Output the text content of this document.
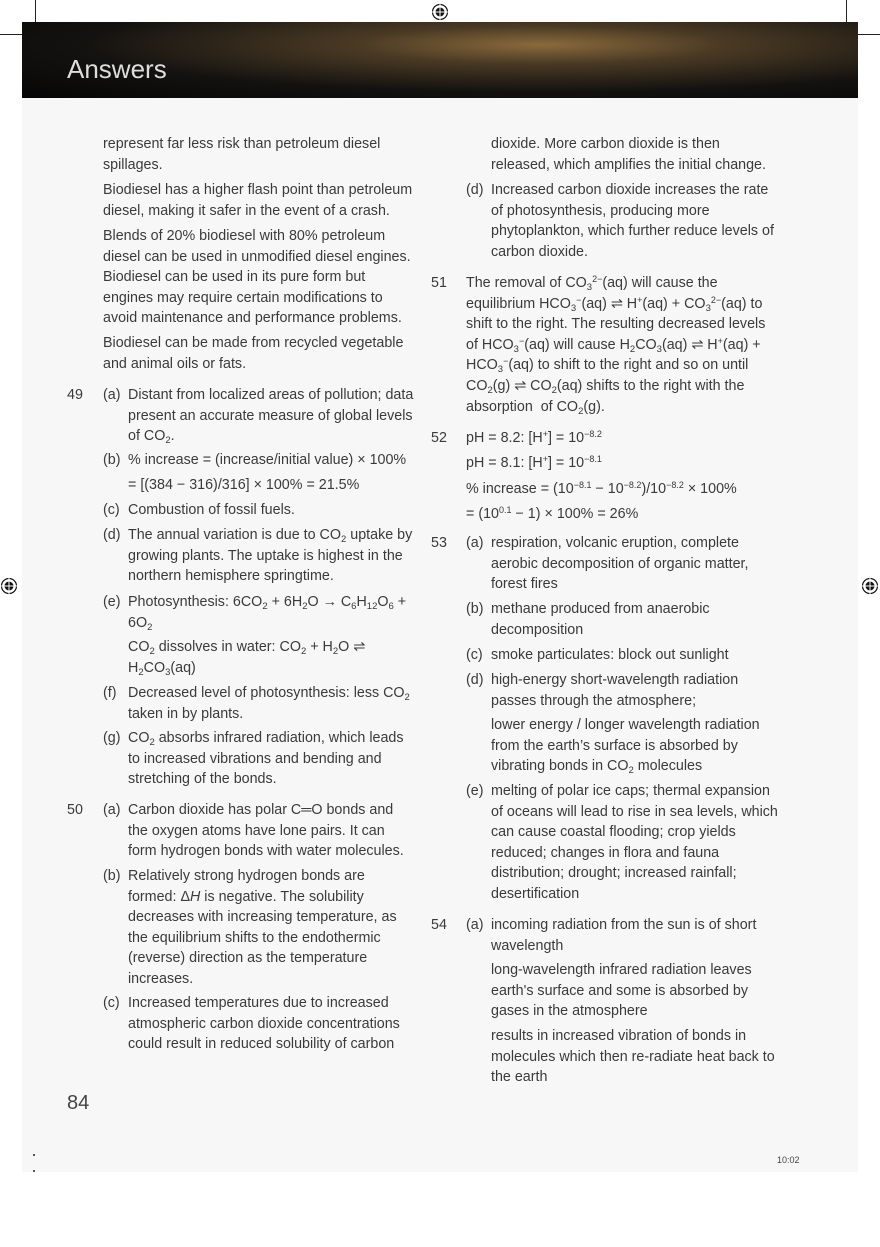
Answers
represent far less risk than petroleum diesel spillages.
Biodiesel has a higher flash point than petroleum diesel, making it safer in the event of a crash.
Blends of 20% biodiesel with 80% petroleum diesel can be used in unmodified diesel engines. Biodiesel can be used in its pure form but engines may require certain modifications to avoid maintenance and performance problems.
Biodiesel can be made from recycled vegetable and animal oils or fats.
49 (a) Distant from localized areas of pollution; data present an accurate measure of global levels of $CO_2$.
(b) % increase = (increase/initial value) × 100%
= [(384 − 316)/316] × 100% = 21.5%
(c) Combustion of fossil fuels.
(d) The annual variation is due to $CO_2$ uptake by growing plants. The uptake is highest in the northern hemisphere springtime.
(e) Photosynthesis: $6CO_2 + 6H_2O \to C_6H_{12}O_6 + 6O_2$
$CO_2$ dissolves in water: $CO_2 + H_2O$ ⇌ $H_2CO_3(aq)$
(f) Decreased level of photosynthesis: less $CO_2$ taken in by plants.
(g) $CO_2$ absorbs infrared radiation, which leads to increased vibrations and bending and stretching of the bonds.
50 (a) Carbon dioxide has polar C═O bonds and the oxygen atoms have lone pairs. It can form hydrogen bonds with water molecules.
(b) Relatively strong hydrogen bonds are formed: ΔH is negative. The solubility decreases with increasing temperature, as the equilibrium shifts to the endothermic (reverse) direction as the temperature increases.
(c) Increased temperatures due to increased atmospheric carbon dioxide concentrations could result in reduced solubility of carbon
dioxide. More carbon dioxide is then released, which amplifies the initial change.
(d) Increased carbon dioxide increases the rate of photosynthesis, producing more phytoplankton, which further reduce levels of carbon dioxide.
51 The removal of $CO_3^{2-}(aq)$ will cause the equilibrium $HCO_3^-(aq)$ ⇌ $H^+(aq) + CO_3^{2-}(aq)$ to shift to the right. The resulting decreased levels of $HCO_3^-(aq)$ will cause $H_2CO_3(aq)$ ⇌ $H^+(aq) + HCO_3^-(aq)$ to shift to the right and so on until $CO_2(g)$ ⇌ $CO_2(aq)$ shifts to the right with the absorption  of $CO_2(g)$.
52 pH = 8.2: $[H^+] = 10^{-8.2}$
pH = 8.1: $[H^+] = 10^{-8.1}$
% increase = $(10^{-8.1} - 10^{-8.2})/10^{-8.2} \times 100\%$
= $(10^{0.1} - 1) \times 100\% = 26\%$
53 (a) respiration, volcanic eruption, complete aerobic decomposition of organic matter, forest fires
(b) methane produced from anaerobic decomposition
(c) smoke particulates: block out sunlight
(d) high-energy short-wavelength radiation passes through the atmosphere;
lower energy / longer wavelength radiation from the earth’s surface is absorbed by vibrating bonds in $CO_2$ molecules
(e) melting of polar ice caps; thermal expansion of oceans will lead to rise in sea levels, which can cause coastal flooding; crop yields reduced; changes in flora and fauna distribution; drought; increased rainfall; desertification
54 (a) incoming radiation from the sun is of short wavelength
long-wavelength infrared radiation leaves earth's surface and some is absorbed by gases in the atmosphere
results in increased vibration of bonds in molecules which then re-radiate heat back to the earth
84
10:02
